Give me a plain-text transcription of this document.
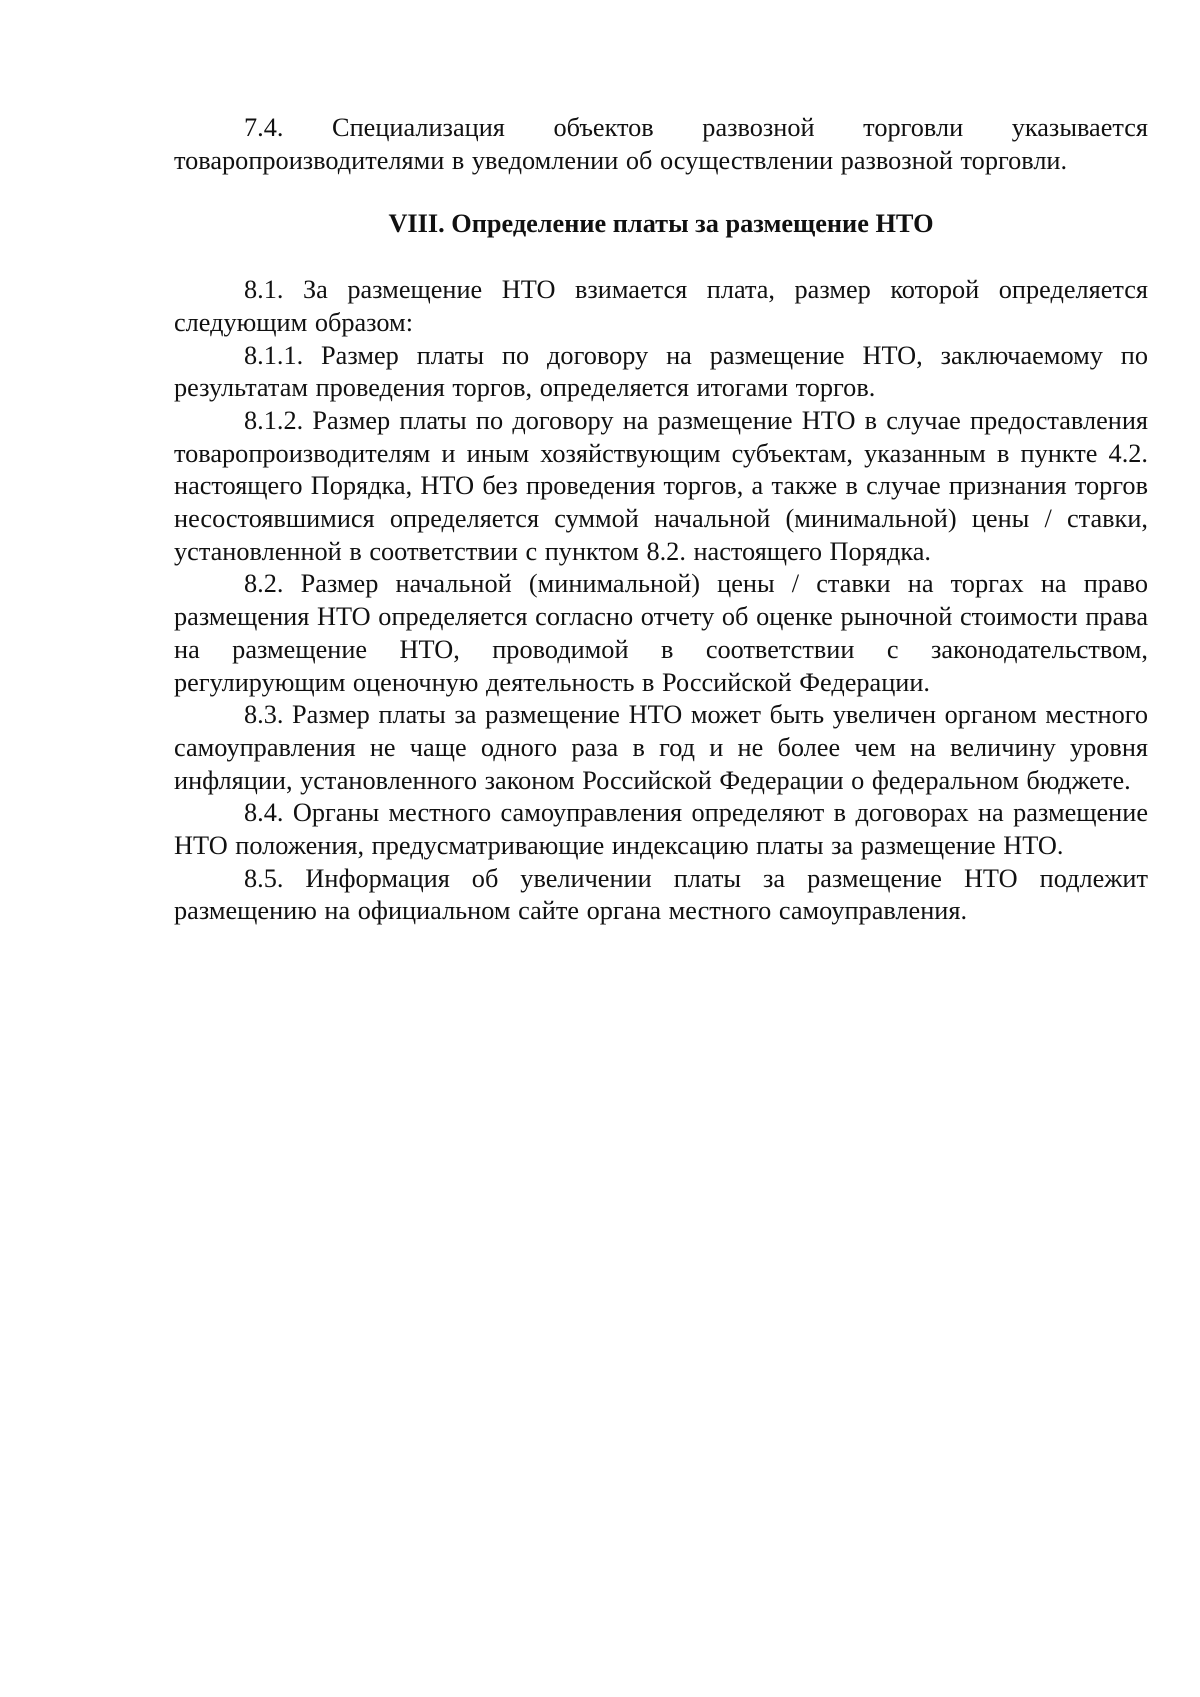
7.4. Специализация объектов развозной торговли указывается товаропроизводителями в уведомлении об осуществлении развозной торговли.

VIII. Определение платы за размещение НТО

8.1. За размещение НТО взимается плата, размер которой определяется следующим образом:

8.1.1. Размер платы по договору на размещение НТО, заключаемому по результатам проведения торгов, определяется итогами торгов.

8.1.2. Размер платы по договору на размещение НТО в случае предоставления товаропроизводителям и иным хозяйствующим субъектам, указанным в пункте 4.2. настоящего Порядка, НТО без проведения торгов, а также в случае признания торгов несостоявшимися определяется суммой начальной (минимальной) цены / ставки, установленной в соответствии с пунктом 8.2. настоящего Порядка.

8.2. Размер начальной (минимальной) цены / ставки на торгах на право размещения НТО определяется согласно отчету об оценке рыночной стоимости права на размещение НТО, проводимой в соответствии с законодательством, регулирующим оценочную деятельность в Российской Федерации.

8.3. Размер платы за размещение НТО может быть увеличен органом местного самоуправления не чаще одного раза в год и не более чем на величину уровня инфляции, установленного законом Российской Федерации о федеральном бюджете.

8.4. Органы местного самоуправления определяют в договорах на размещение НТО положения, предусматривающие индексацию платы за размещение НТО.

8.5. Информация об увеличении платы за размещение НТО подлежит размещению на официальном сайте органа местного самоуправления.
